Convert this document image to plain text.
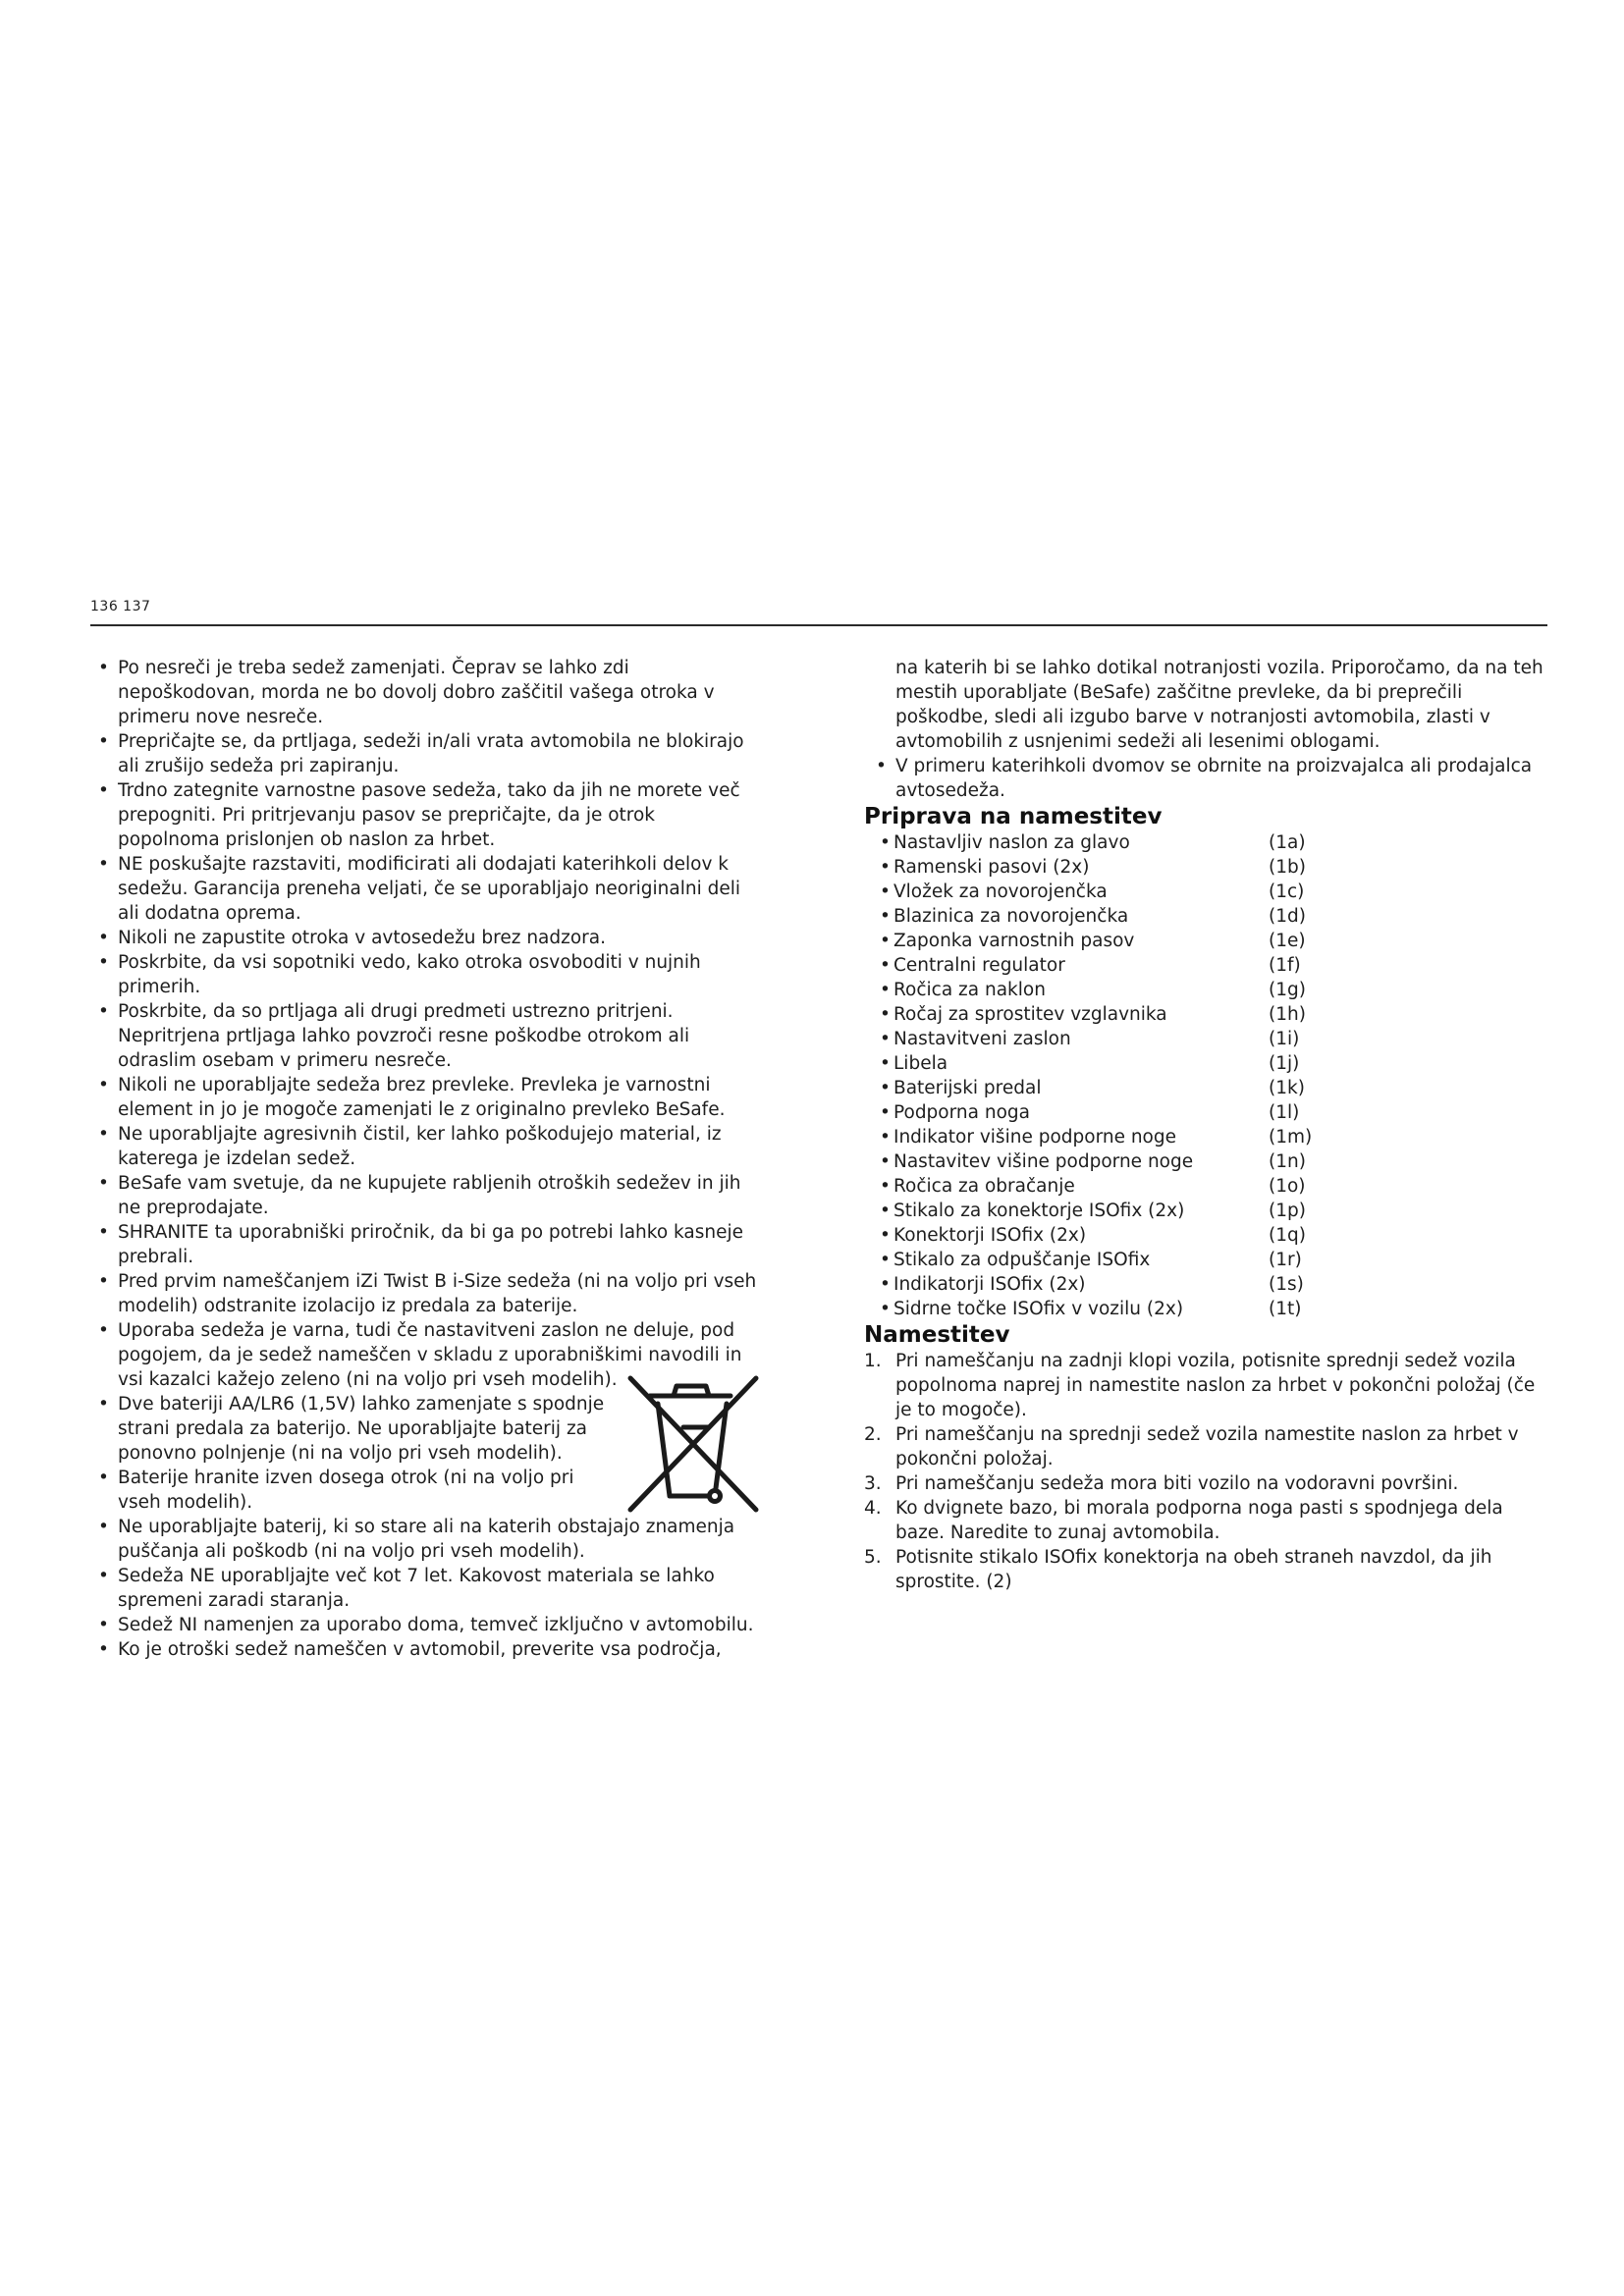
136 137
• Po nesreči je treba sedež zamenjati. Čeprav se lahko zdi nepoškodovan, morda ne bo dovolj dobro zaščitil vašega otroka v primeru nove nesreče.
• Prepričajte se, da prtljaga, sedeži in/ali vrata avtomobila ne blokirajo ali zrušijo sedeža pri zapiranju.
• Trdno zategnite varnostne pasove sedeža, tako da jih ne morete več prepogniti. Pri pritrjevanju pasov se prepričajte, da je otrok popolnoma prislonjen ob naslon za hrbet.
• NE poskušajte razstaviti, modificirati ali dodajati katerihkoli delov k sedežu. Garancija preneha veljati, če se uporabljajo neoriginalni deli ali dodatna oprema.
• Nikoli ne zapustite otroka v avtosedežu brez nadzora.
• Poskrbite, da vsi sopotniki vedo, kako otroka osvoboditi v nujnih primerih.
• Poskrbite, da so prtljaga ali drugi predmeti ustrezno pritrjeni. Nepritrjena prtljaga lahko povzroči resne poškodbe otrokom ali odraslim osebam v primeru nesreče.
• Nikoli ne uporabljajte sedeža brez prevleke. Prevleka je varnostni element in jo je mogoče zamenjati le z originalno prevleko BeSafe.
• Ne uporabljajte agresivnih čistil, ker lahko poškodujejo material, iz katerega je izdelan sedež.
• BeSafe vam svetuje, da ne kupujete rabljenih otroških sedežev in jih ne preprodajate.
• SHRANITE ta uporabniški priročnik, da bi ga po potrebi lahko kasneje prebrali.
• Pred prvim nameščanjem iZi Twist B i-Size sedeža (ni na voljo pri vseh modelih) odstranite izolacijo iz predala za baterije.
• Uporaba sedeža je varna, tudi če nastavitveni zaslon ne deluje, pod pogojem, da je sedež nameščen v skladu z uporabniškimi navodili in vsi kazalci kažejo zeleno (ni na voljo pri vseh modelih).
• Dve bateriji AA/LR6 (1,5V) lahko zamenjate s spodnje strani predala za baterijo. Ne uporabljajte baterij za ponovno polnjenje (ni na voljo pri vseh modelih).
• Baterije hranite izven dosega otrok (ni na voljo pri vseh modelih).
• Ne uporabljajte baterij, ki so stare ali na katerih obstajajo znamenja puščanja ali poškodb (ni na voljo pri vseh modelih).
• Sedeža NE uporabljajte več kot 7 let. Kakovost materiala se lahko spremeni zaradi staranja.
• Sedež NI namenjen za uporabo doma, temveč izključno v avtomobilu.
• Ko je otroški sedež nameščen v avtomobil, preverite vsa področja,
na katerih bi se lahko dotikal notranjosti vozila. Priporočamo, da na teh mestih uporabljate (BeSafe) zaščitne prevleke, da bi preprečili poškodbe, sledi ali izgubo barve v notranjosti avtomobila, zlasti v avtomobilih z usnjenimi sedeži ali lesenimi oblogami.
• V primeru katerihkoli dvomov se obrnite na proizvajalca ali prodajalca avtosedeža.
Priprava na namestitev
• Nastavljiv naslon za glavo	(1a)
• Ramenski pasovi (2x)	(1b)
• Vložek za novorojenčka	(1c)
• Blazinica za novorojenčka	(1d)
• Zaponka varnostnih pasov	(1e)
• Centralni regulator	(1f)
• Ročica za naklon	(1g)
• Ročaj za sprostitev vzglavnika	(1h)
• Nastavitveni zaslon	(1i)
• Libela	(1j)
• Baterijski predal	(1k)
• Podporna noga	(1l)
• Indikator višine podporne noge	(1m)
• Nastavitev višine podporne noge	(1n)
• Ročica za obračanje	(1o)
• Stikalo za konektorje ISOfix (2x)	(1p)
• Konektorji ISOfix (2x)	(1q)
• Stikalo za odpuščanje ISOfix	(1r)
• Indikatorji ISOfix (2x)	(1s)
• Sidrne točke ISOfix v vozilu (2x)	(1t)
Namestitev
1. Pri nameščanju na zadnji klopi vozila, potisnite sprednji sedež vozila popolnoma naprej in namestite naslon za hrbet v pokončni položaj (če je to mogoče).
2. Pri nameščanju na sprednji sedež vozila namestite naslon za hrbet v pokončni položaj.
3. Pri nameščanju sedeža mora biti vozilo na vodoravni površini.
4. Ko dvignete bazo, bi morala podporna noga pasti s spodnjega dela baze. Naredite to zunaj avtomobila.
5. Potisnite stikalo ISOfix konektorja na obeh straneh navzdol, da jih sprostite. (2)
